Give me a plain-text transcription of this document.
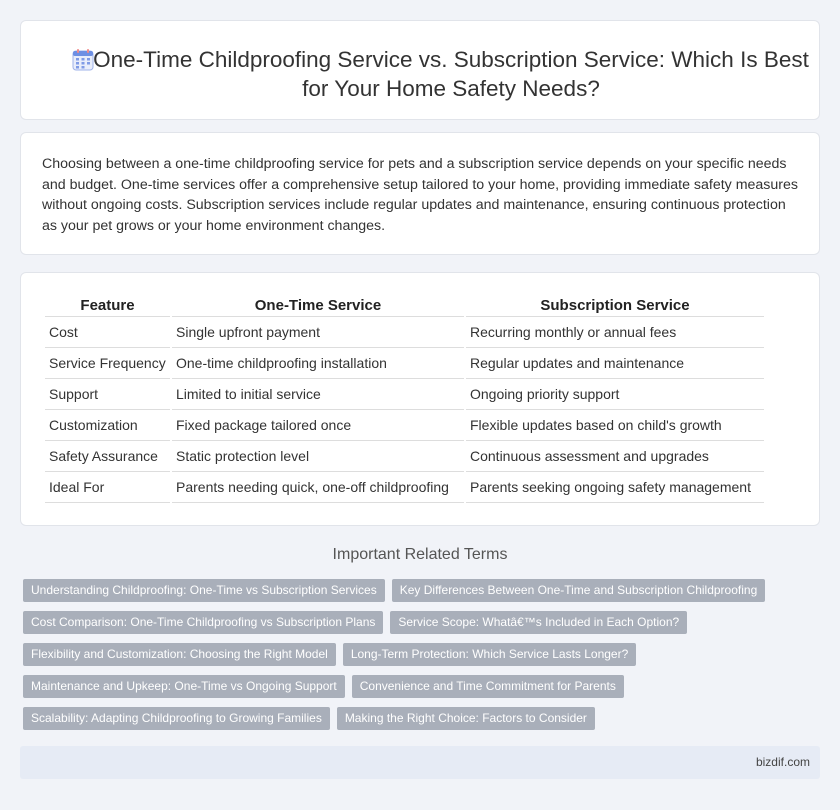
One-Time Childproofing Service vs. Subscription Service: Which Is Best for Your Home Safety Needs?

Choosing between a one-time childproofing service for pets and a subscription service depends on your specific needs and budget. One-time services offer a comprehensive setup tailored to your home, providing immediate safety measures without ongoing costs. Subscription services include regular updates and maintenance, ensuring continuous protection as your pet grows or your home environment changes.

Feature	One-Time Service	Subscription Service
Cost	Single upfront payment	Recurring monthly or annual fees
Service Frequency	One-time childproofing installation	Regular updates and maintenance
Support	Limited to initial service	Ongoing priority support
Customization	Fixed package tailored once	Flexible updates based on child's growth
Safety Assurance	Static protection level	Continuous assessment and upgrades
Ideal For	Parents needing quick, one-off childproofing	Parents seeking ongoing safety management
Important Related Terms
Understanding Childproofing: One-Time vs Subscription Services	Key Differences Between One-Time and Subscription Childproofing
Cost Comparison: One-Time Childproofing vs Subscription Plans	Service Scope: Whatâ€™s Included in Each Option?
Flexibility and Customization: Choosing the Right Model	Long-Term Protection: Which Service Lasts Longer?
Maintenance and Upkeep: One-Time vs Ongoing Support	Convenience and Time Commitment for Parents
Scalability: Adapting Childproofing to Growing Families	Making the Right Choice: Factors to Consider
bizdif.com
